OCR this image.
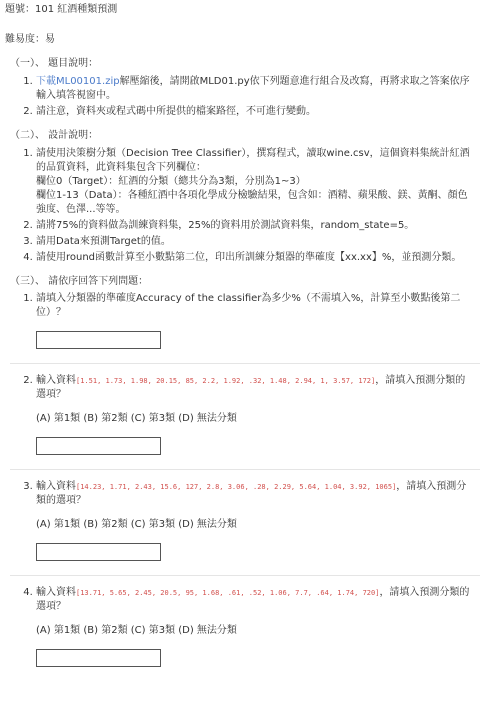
題號：101 紅酒種類預測

難易度：易

（一）、 題目說明：
1. 下載ML00101.zip解壓縮後，請開啟MLD01.py依下列題意進行組合及改寫，再將求取之答案依序輸入填答視窗中。
2. 請注意，資料夾或程式碼中所提供的檔案路徑，不可進行變動。
（二）、 設計說明：

1. 請使用決策樹分類（Decision Tree Classifier），撰寫程式，讀取wine.csv，這個資料集統計紅酒的品質資料，此資料集包含下列欄位：

欄位0（Target）：紅酒的分類（總共分為3類，分別為1~3）

欄位1-13（Data）：各種紅酒中各項化學成分檢驗結果，包含如：酒精、蘋果酸、鎂、黃酮、顏色強度、色澤...等等。

2. 請將75%的資料做為訓練資料集，25%的資料用於測試資料集，random_state=5。
3. 請用Data來預測Target的值。
4. 請使用round函數計算至小數點第二位，印出所訓練分類器的準確度【xx.xx】%，並預測分類。
（三）、 請依序回答下列問題：

1. 請填入分類器的準確度Accuracy of the classifier為多少%（不需填入%，計算至小數點後第二位）？

2. 輸入資料[1.51, 1.73, 1.98, 20.15, 85, 2.2, 1.92, .32, 1.48, 2.94, 1, 3.57, 172]，請填入預測分類的選項？

(A) 第1類 (B) 第2類 (C) 第3類 (D) 無法分類

3. 輸入資料[14.23, 1.71, 2.43, 15.6, 127, 2.8, 3.06, .28, 2.29, 5.64, 1.04, 3.92, 1065]，請填入預測分類的選項？

(A) 第1類 (B) 第2類 (C) 第3類 (D) 無法分類

4. 輸入資料[13.71, 5.65, 2.45, 20.5, 95, 1.68, .61, .52, 1.06, 7.7, .64, 1.74, 720]，請填入預測分類的選項？

(A) 第1類 (B) 第2類 (C) 第3類 (D) 無法分類
